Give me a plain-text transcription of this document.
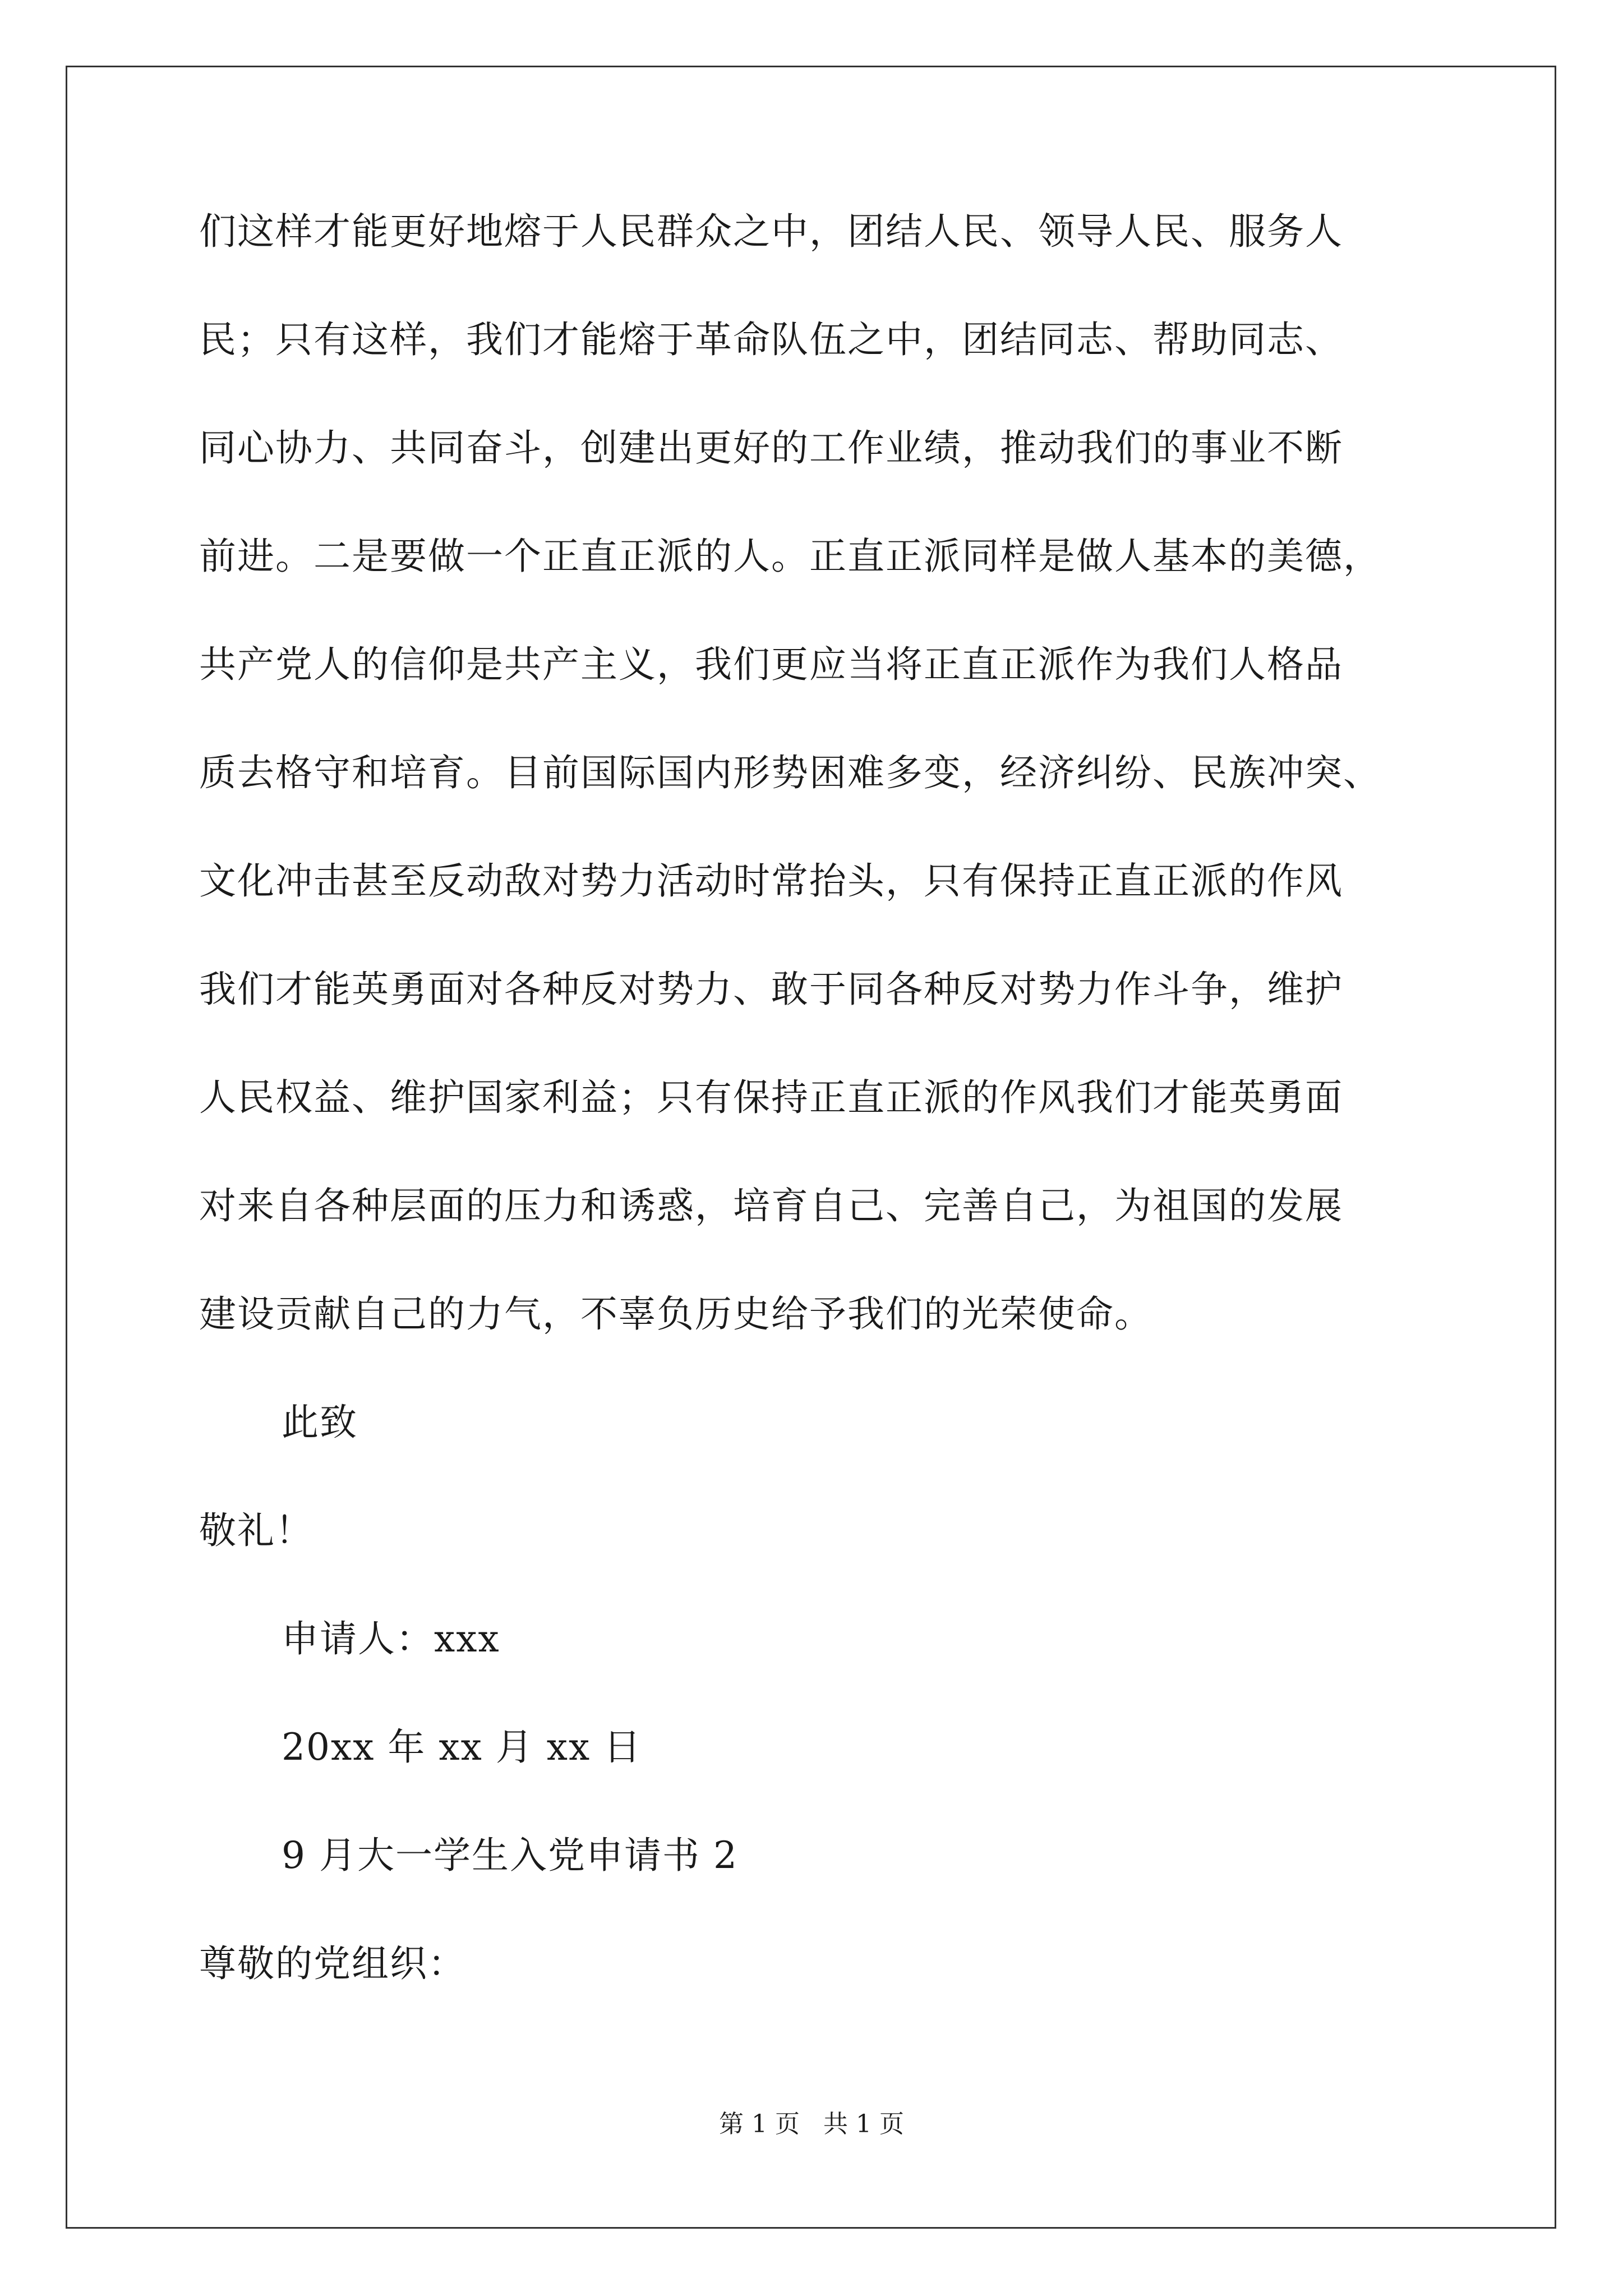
们这样才能更好地熔于人民群众之中，团结人民、领导人民、服务人
民；只有这样，我们才能熔于革命队伍之中，团结同志、帮助同志、
同心协力、共同奋斗，创建出更好的工作业绩，推动我们的事业不断
前进。二是要做一个正直正派的人。正直正派同样是做人基本的美德，
共产党人的信仰是共产主义，我们更应当将正直正派作为我们人格品
质去格守和培育。目前国际国内形势困难多变，经济纠纷、民族冲突、
文化冲击甚至反动敌对势力活动时常抬头，只有保持正直正派的作风
我们才能英勇面对各种反对势力、敢于同各种反对势力作斗争，维护
人民权益、维护国家利益；只有保持正直正派的作风我们才能英勇面
对来自各种层面的压力和诱惑，培育自己、完善自己，为祖国的发展
建设贡献自己的力气，不辜负历史给予我们的光荣使命。
此致
敬礼！
申请人：xxx
20xx 年 xx 月 xx 日
9 月大一学生入党申请书 2
尊敬的党组织：
第 1 页   共 1 页
